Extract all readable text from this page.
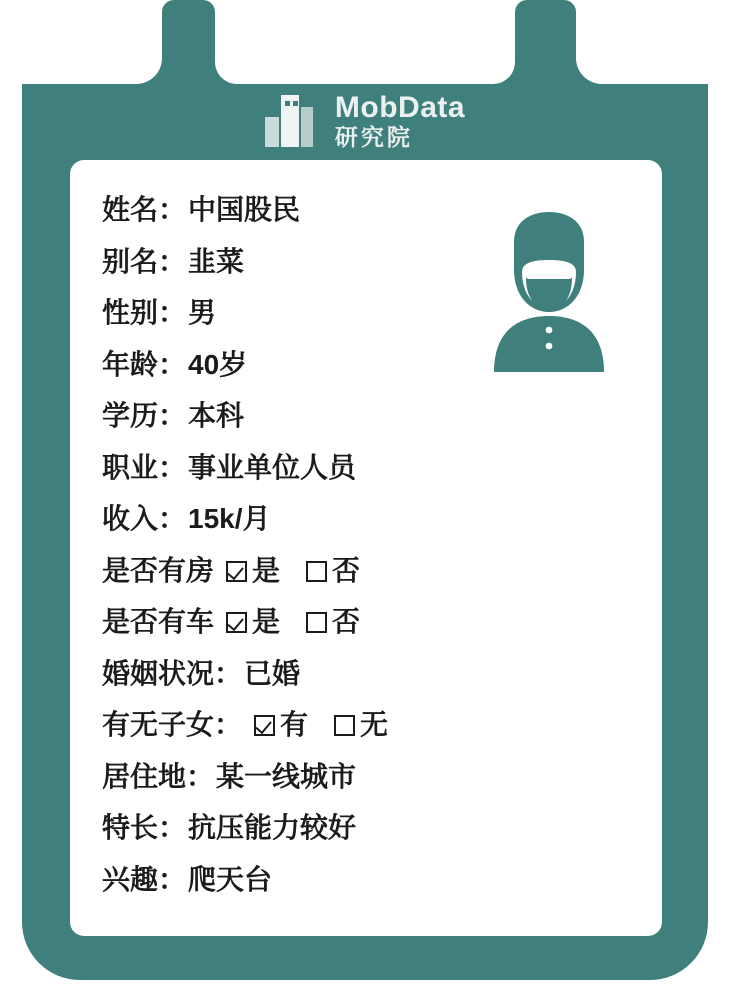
MobData
研究院
姓名： 中国股民
别名： 韭菜
性别： 男
年龄： 40岁
学历： 本科
职业： 事业单位人员
收入： 15k/月
是否有房 是 否
是否有车 是 否
婚姻状况： 已婚
有无子女： 有 无
居住地： 某一线城市
特长： 抗压能力较好
兴趣： 爬天台
